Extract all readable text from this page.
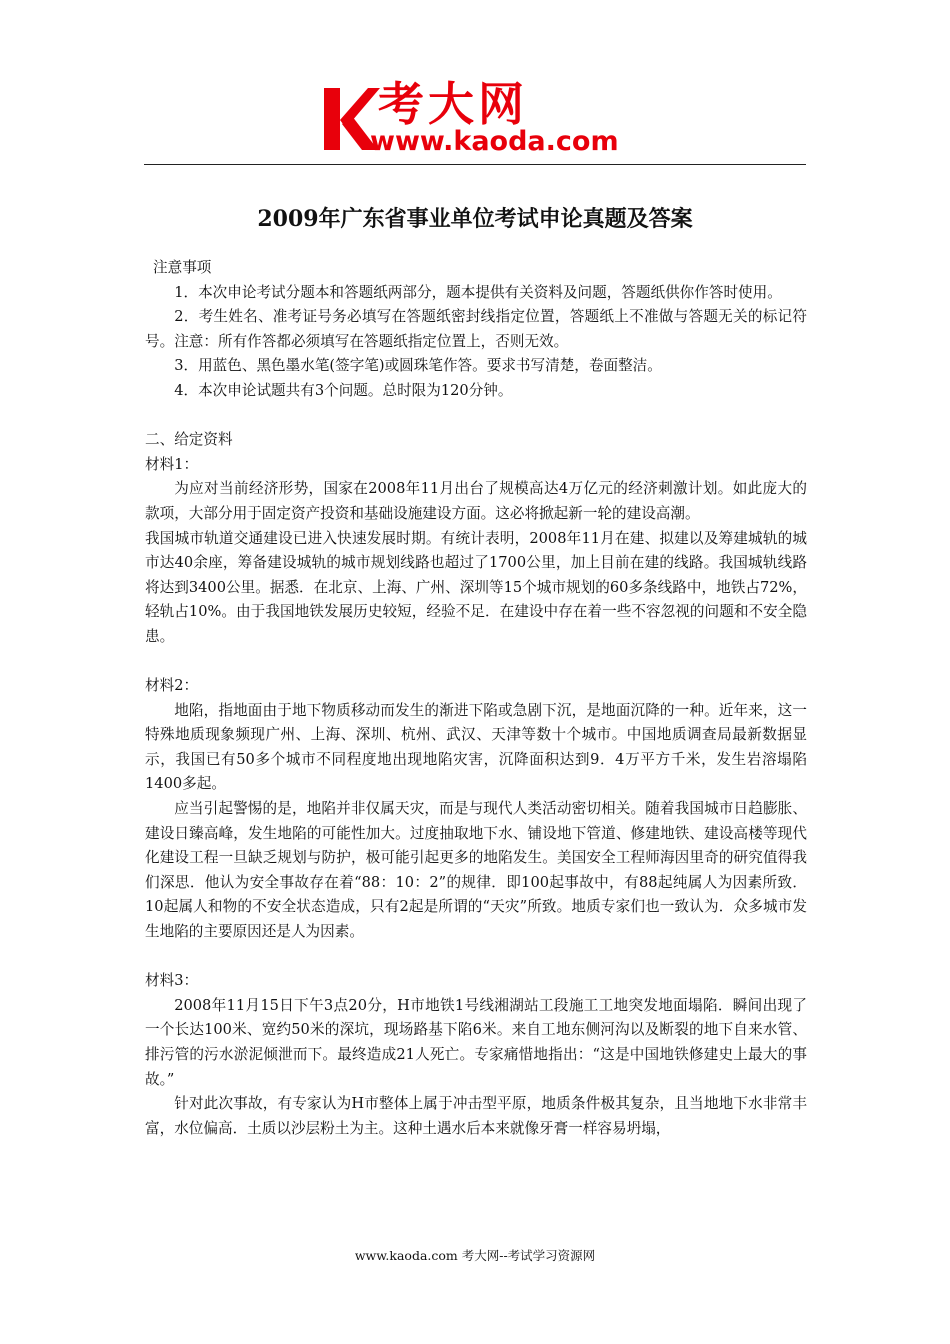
考大网
www.kaoda.com
2009年广东省事业单位考试申论真题及答案

注意事项

1．本次申论考试分题本和答题纸两部分，题本提供有关资料及问题，答题纸供你作答时使用。

2．考生姓名、准考证号务必填写在答题纸密封线指定位置，答题纸上不准做与答题无关的标记符号。注意：所有作答都必须填写在答题纸指定位置上，否则无效。

3．用蓝色、黑色墨水笔(签字笔)或圆珠笔作答。要求书写清楚，卷面整洁。

4．本次申论试题共有3个问题。总时限为120分钟。

二、给定资料

材料1：

为应对当前经济形势，国家在2008年11月出台了规模高达4万亿元的经济刺激计划。如此庞大的款项，大部分用于固定资产投资和基础设施建设方面。这必将掀起新一轮的建设高潮。

我国城市轨道交通建设已进入快速发展时期。有统计表明，2008年11月在建、拟建以及筹建城轨的城市达40余座，筹备建设城轨的城市规划线路也超过了1700公里，加上目前在建的线路。我国城轨线路将达到3400公里。据悉．在北京、上海、广州、深圳等15个城市规划的60多条线路中，地铁占72%，轻轨占10%。由于我国地铁发展历史较短，经验不足．在建设中存在着一些不容忽视的问题和不安全隐患。

材料2：

地陷，指地面由于地下物质移动而发生的渐进下陷或急剧下沉，是地面沉降的一种。近年来，这一特殊地质现象频现广州、上海、深圳、杭州、武汉、天津等数十个城市。中国地质调查局最新数据显示，我国已有50多个城市不同程度地出现地陷灾害，沉降面积达到9．4万平方千米，发生岩溶塌陷1400多起。

应当引起警惕的是，地陷并非仅属天灾，而是与现代人类活动密切相关。随着我国城市日趋膨胀、建设日臻高峰，发生地陷的可能性加大。过度抽取地下水、铺设地下管道、修建地铁、建设高楼等现代化建设工程一旦缺乏规划与防护，极可能引起更多的地陷发生。美国安全工程师海因里奇的研究值得我们深思．他认为安全事故存在着“88：10：2”的规律．即100起事故中，有88起纯属人为因素所致．10起属人和物的不安全状态造成，只有2起是所谓的“天灾”所致。地质专家们也一致认为．众多城市发生地陷的主要原因还是人为因素。

材料3：

2008年11月15日下午3点20分，H市地铁1号线湘湖站工段施工工地突发地面塌陷．瞬间出现了一个长达100米、宽约50米的深坑，现场路基下陷6米。来自工地东侧河沟以及断裂的地下自来水管、排污管的污水淤泥倾泄而下。最终造成21人死亡。专家痛惜地指出：“这是中国地铁修建史上最大的事故。”

针对此次事故，有专家认为H市整体上属于冲击型平原，地质条件极其复杂，且当地地下水非常丰富，水位偏高．土质以沙层粉土为主。这种土遇水后本来就像牙膏一样容易坍塌，

www.kaoda.com 考大网--考试学习资源网
